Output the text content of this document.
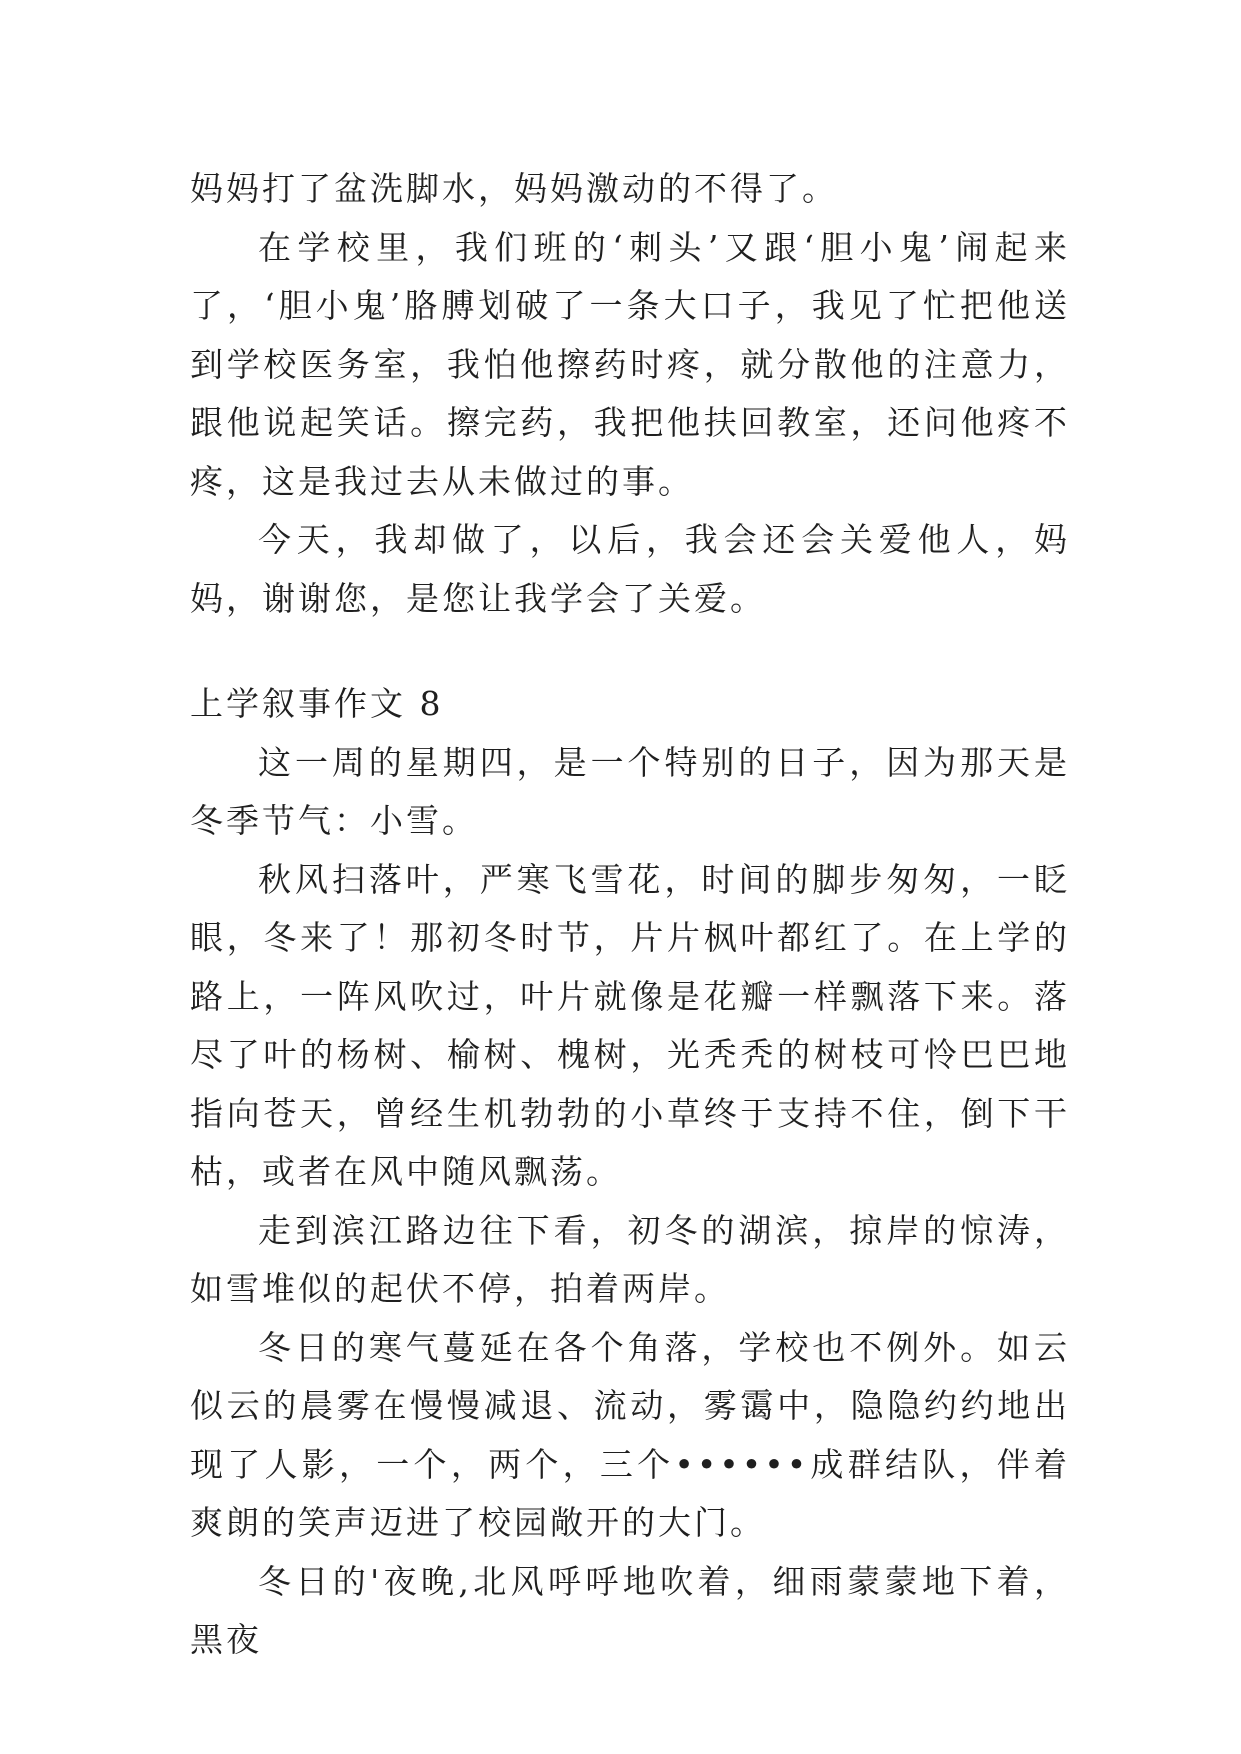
妈妈打了盆洗脚水，妈妈激动的不得了。

在学校里，我们班的‘刺头’又跟‘胆小鬼’闹起来了，‘胆小鬼’胳膊划破了一条大口子，我见了忙把他送到学校医务室，我怕他擦药时疼，就分散他的注意力，跟他说起笑话。擦完药，我把他扶回教室，还问他疼不疼，这是我过去从未做过的事。

今天，我却做了，以后，我会还会关爱他人，妈妈，谢谢您，是您让我学会了关爱。

上学叙事作文 8

这一周的星期四，是一个特别的日子，因为那天是冬季节气：小雪。

秋风扫落叶，严寒飞雪花，时间的脚步匆匆，一眨眼，冬来了！那初冬时节，片片枫叶都红了。在上学的路上，一阵风吹过，叶片就像是花瓣一样飘落下来。落尽了叶的杨树、榆树、槐树，光秃秃的树枝可怜巴巴地指向苍天，曾经生机勃勃的小草终于支持不住，倒下干枯，或者在风中随风飘荡。

走到滨江路边往下看，初冬的湖滨，掠岸的惊涛，如雪堆似的起伏不停，拍着两岸。

冬日的寒气蔓延在各个角落，学校也不例外。如云似云的晨雾在慢慢减退、流动，雾霭中，隐隐约约地出现了人影，一个，两个，三个••••••成群结队，伴着爽朗的笑声迈进了校园敞开的大门。

冬日的'夜晚,北风呼呼地吹着，细雨蒙蒙地下着，黑夜
